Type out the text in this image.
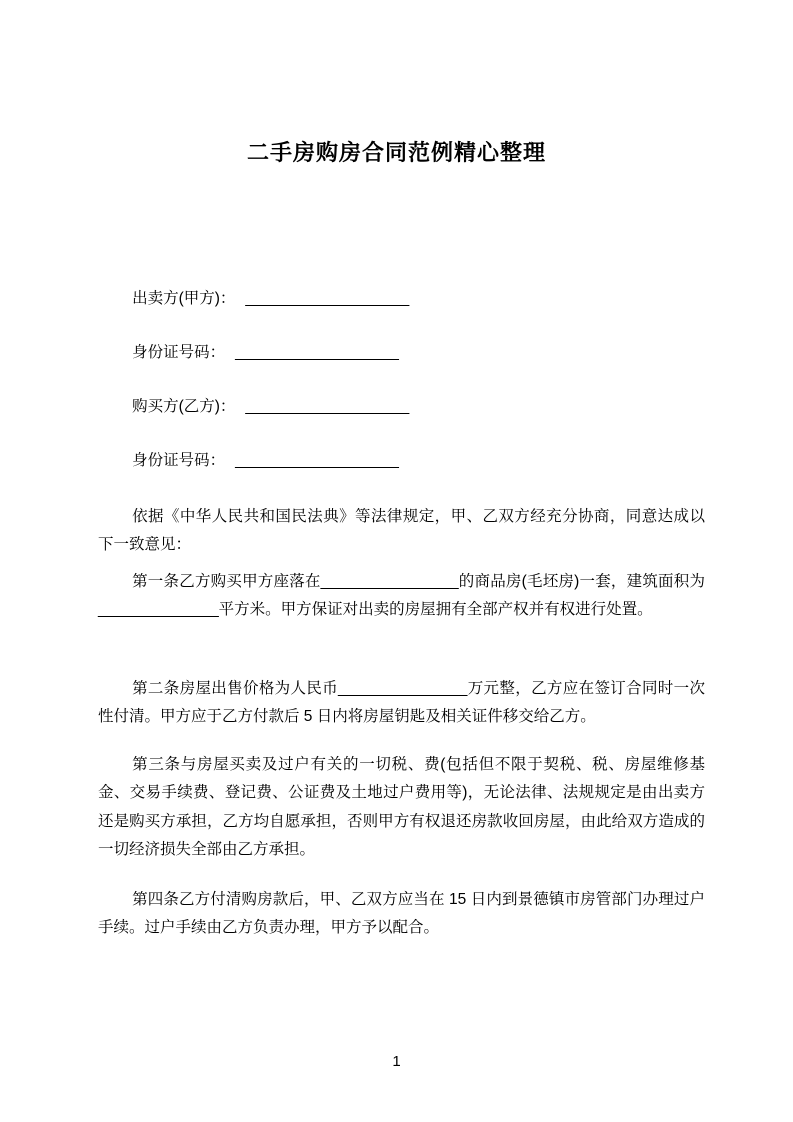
二手房购房合同范例精心整理
出卖方(甲方)： ___________________
身份证号码： ___________________
购买方(乙方)： ___________________
身份证号码： ___________________

依据《中华人民共和国民法典》等法律规定，甲、乙双方经充分协商，同意达成以下一致意见：

第一条乙方购买甲方座落在________________的商品房(毛坯房)一套，建筑面积为______________平方米。甲方保证对出卖的房屋拥有全部产权并有权进行处置。

第二条房屋出售价格为人民币_______________万元整，乙方应在签订合同时一次性付清。甲方应于乙方付款后 5 日内将房屋钥匙及相关证件移交给乙方。

第三条与房屋买卖及过户有关的一切税、费(包括但不限于契税、税、房屋维修基金、交易手续费、登记费、公证费及土地过户费用等)，无论法律、法规规定是由出卖方还是购买方承担，乙方均自愿承担，否则甲方有权退还房款收回房屋，由此给双方造成的一切经济损失全部由乙方承担。

第四条乙方付清购房款后，甲、乙双方应当在 15 日内到景德镇市房管部门办理过户手续。过户手续由乙方负责办理，甲方予以配合。

1
